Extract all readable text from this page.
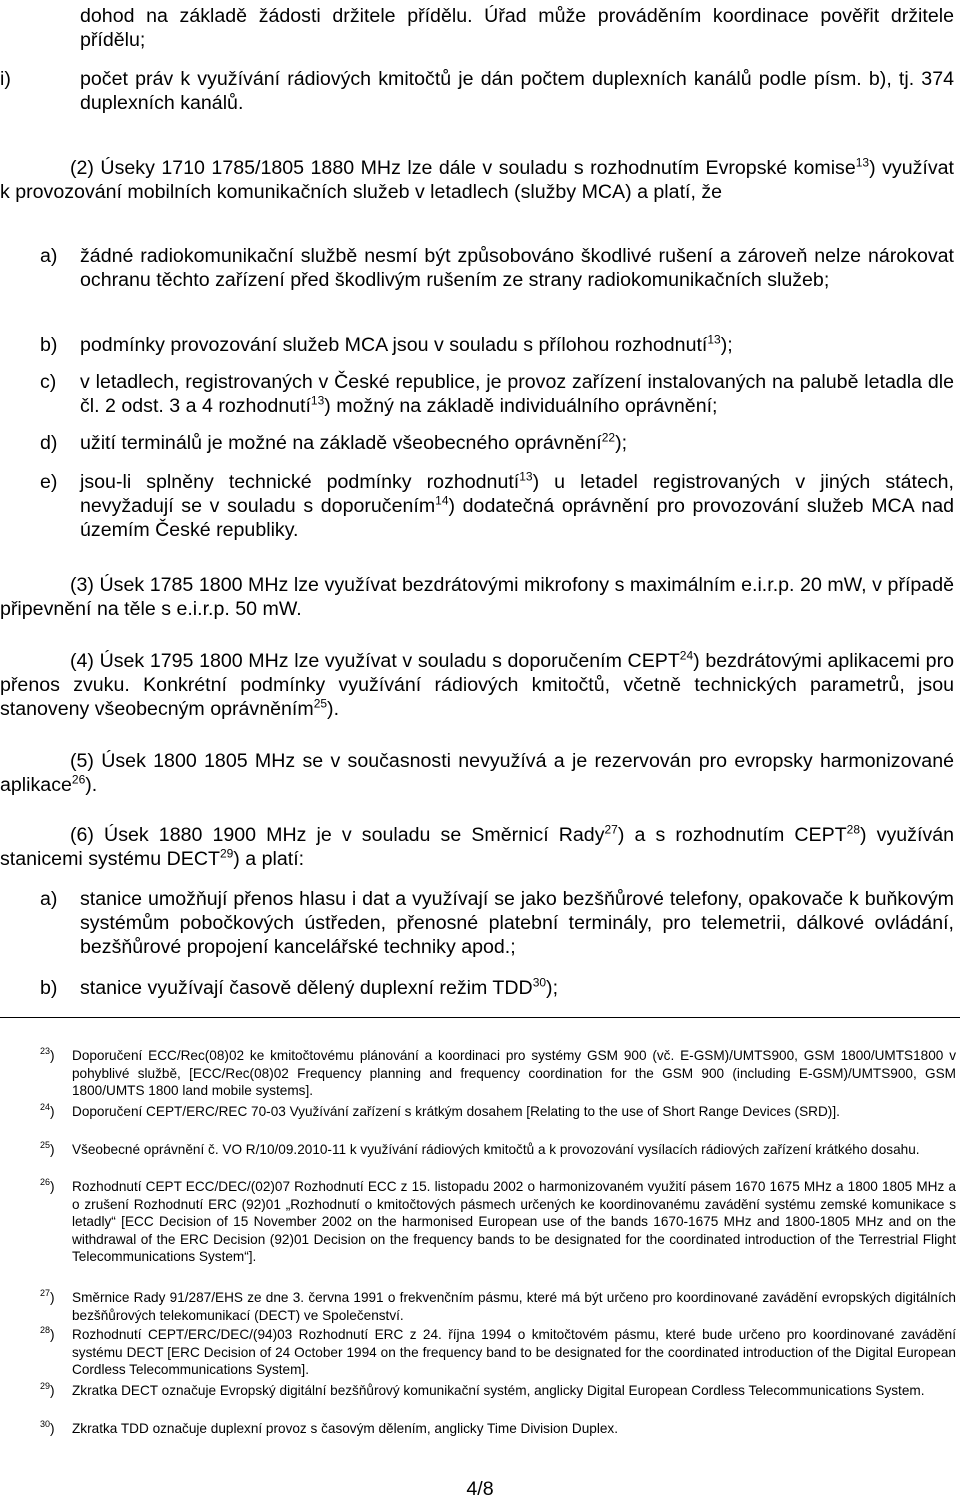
dohod na základě žádosti držitele přídělu. Úřad může prováděním koordinace pověřit držitele přídělu;
i)	počet práv k využívání rádiových kmitočtů je dán počtem duplexních kanálů podle písm. b), tj. 374 duplexních kanálů.
(2) Úseky 1710 1785/1805 1880 MHz lze dále v souladu s rozhodnutím Evropské komise$^{13}$) využívat k provozování mobilních komunikačních služeb v letadlech (služby MCA) a platí, že
a) žádné radiokomunikační službě nesmí být způsobováno škodlivé rušení a zároveň nelze nárokovat ochranu těchto zařízení před škodlivým rušením ze strany radiokomunikačních služeb;
b) podmínky provozování služeb MCA jsou v souladu s přílohou rozhodnutí$^{13}$);
c) v letadlech, registrovaných v České republice, je provoz zařízení instalovaných na palubě letadla dle čl. 2 odst. 3 a 4 rozhodnutí$^{13}$) možný na základě individuálního oprávnění;
d) užití terminálů je možné na základě všeobecného oprávnění$^{22}$);
e) jsou-li splněny technické podmínky rozhodnutí$^{13}$) u letadel registrovaných v jiných státech, nevyžadují se v souladu s doporučením$^{14}$) dodatečná oprávnění pro provozování služeb MCA nad územím České republiky.
(3) Úsek 1785 1800 MHz lze využívat bezdrátovými mikrofony s maximálním e.i.r.p. 20 mW, v případě připevnění na těle s e.i.r.p. 50 mW.
(4) Úsek 1795 1800 MHz lze využívat v souladu s doporučením CEPT$^{24}$) bezdrátovými aplikacemi pro přenos zvuku. Konkrétní podmínky využívání rádiových kmitočtů, včetně technických parametrů, jsou stanoveny všeobecným oprávněním$^{25}$).
(5) Úsek 1800 1805 MHz se v současnosti nevyužívá a je rezervován pro evropsky harmonizované aplikace$^{26}$).
(6) Úsek 1880 1900 MHz je v souladu se Směrnicí Rady$^{27}$) a s rozhodnutím CEPT$^{28}$) využíván stanicemi systému DECT$^{29}$) a platí:
a) stanice umožňují přenos hlasu i dat a využívají se jako bezšňůrové telefony, opakovače k buňkovým systémům pobočkových ústředen, přenosné platební terminály, pro telemetrii, dálkové ovládání, bezšňůrové propojení kancelářské techniky apod.;
b) stanice využívají časově dělený duplexní režim TDD$^{30}$);
$^{23}$) Doporučení ECC/Rec(08)02 ke kmitočtovému plánování a koordinaci pro systémy GSM 900 (vč. E-GSM)/UMTS900, GSM 1800/UMTS1800 v pohyblivé službě, [ECC/Rec(08)02 Frequency planning and frequency coordination for the GSM 900 (including E-GSM)/UMTS900, GSM 1800/UMTS 1800 land mobile systems].
$^{24}$) Doporučení CEPT/ERC/REC 70-03 Využívání zařízení s krátkým dosahem [Relating to the use of Short Range Devices (SRD)].
$^{25}$) Všeobecné oprávnění č. VO R/10/09.2010-11 k využívání rádiových kmitočtů a k provozování vysílacích rádiových zařízení krátkého dosahu.
$^{26}$) Rozhodnutí CEPT ECC/DEC/(02)07 Rozhodnutí ECC z 15. listopadu 2002 o harmonizovaném využití pásem 1670 1675 MHz a 1800 1805 MHz a o zrušení Rozhodnutí ERC (92)01 „Rozhodnutí o kmitočtových pásmech určených ke koordinovanému zavádění systému zemské komunikace s letadly“ [ECC Decision of 15 November 2002 on the harmonised European use of the bands 1670-1675 MHz and 1800-1805 MHz and on the withdrawal of the ERC Decision (92)01 Decision on the frequency bands to be designated for the coordinated introduction of the Terrestrial Flight Telecommunications System“].
$^{27}$) Směrnice Rady 91/287/EHS ze dne 3. června 1991 o frekvenčním pásmu, které má být určeno pro koordinované zavádění evropských digitálních bezšňůrových telekomunikací (DECT) ve Společenství.
$^{28}$) Rozhodnutí CEPT/ERC/DEC/(94)03 Rozhodnutí ERC z 24. října 1994 o kmitočtovém pásmu, které bude určeno pro koordinované zavádění systému DECT [ERC Decision of 24 October 1994 on the frequency band to be designated for the coordinated introduction of the Digital European Cordless Telecommunications System].
$^{29}$) Zkratka DECT označuje Evropský digitální bezšňůrový komunikační systém, anglicky Digital European Cordless Telecommunications System.
$^{30}$) Zkratka TDD označuje duplexní provoz s časovým dělením, anglicky Time Division Duplex.
4/8
